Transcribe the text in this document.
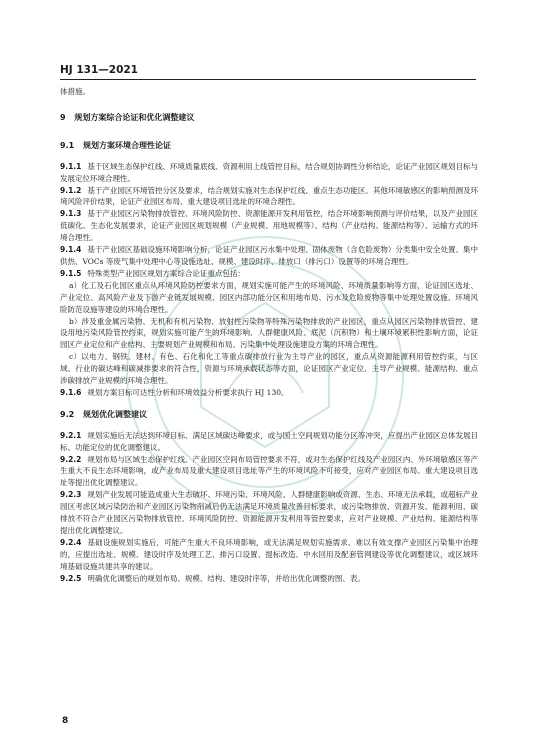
HJ 131—2021

体措施。

9 规划方案综合论证和优化调整建议
9.1 规划方案环境合理性论证

9.1.1 基于区域生态保护红线、环境质量底线、资源利用上线管控目标，结合规划协调性分析结论，论证产业园区规划目标与发展定位环境合理性。

9.1.2 基于产业园区环境管控分区及要求，结合规划实施对生态保护红线、重点生态功能区、其他环境敏感区的影响预测及环境风险评价结果，论证产业园区布局、重大建设项目选址的环境合理性。

9.1.3 基于产业园区污染物排放管控、环境风险防控、资源能源开发利用管控，结合环境影响预测与评价结果，以及产业园区低碳化、生态化发展要求，论证产业园区规划规模（产业规模、用地规模等）、结构（产业结构、能源结构等）、运输方式的环境合理性。

9.1.4 基于产业园区基础设施环境影响分析，论证产业园区污水集中处理、固体废物（含危险废物）分类集中安全处置、集中供热、VOCs 等废气集中处理中心等设施选址、规模、建设时序、排放口（排污口）设置等的环境合理性。

9.1.5 特殊类型产业园区规划方案综合论证重点包括：

a）化工及石化园区重点从环境风险防控要求方面，规划实施可能产生的环境风险、环境质量影响等方面，论证园区选址、产业定位、高风险产业及下游产业链发展规模、园区内部功能分区和用地布局、污水及危险废物等集中处理处置设施、环境风险防范设施等建设的环境合理性。

b）涉及重金属污染物、无机和有机污染物、放射性污染物等特殊污染物排放的产业园区，重点从园区污染物排放管控、建设用地污染风险管控约束，规划实施可能产生的环境影响、人群健康风险、底泥（沉积物）和土壤环境累积性影响方面，论证园区产业定位和产业结构、主要规划产业规模和布局、污染集中处理设施建设方案的环境合理性。

c）以电力、钢铁、建材、有色、石化和化工等重点碳排放行业为主导产业的园区，重点从资源能源利用管控约束，与区域、行业的碳达峰和碳减排要求的符合性，资源与环境承载状态等方面，论证园区产业定位、主导产业规模、能源结构、重点涉碳排放产业规模的环境合理性。

9.1.6 规划方案目标可达性分析和环境效益分析要求执行 HJ 130。

9.2 规划优化调整建议

9.2.1 规划实施后无法达到环境目标、满足区域碳达峰要求，或与国土空间规划功能分区等冲突，应提出产业园区总体发展目标、功能定位的优化调整建议。

9.2.2 规划布局与区域生态保护红线、产业园区空间布局管控要求不符，或对生态保护红线及产业园区内、外环境敏感区等产生重大不良生态环境影响，或产业布局及重大建设项目选址等产生的环境风险不可接受，应对产业园区布局、重大建设项目选址等提出优化调整建议。

9.2.3 规划产业发展可能造成重大生态破坏、环境污染、环境风险、人群健康影响或资源、生态、环境无法承载，或超标产业园区考虑区域污染防治和产业园区污染物削减后仍无法满足环境质量改善目标要求，或污染物排放、资源开发、能源利用、碳排放不符合产业园区污染物排放管控、环境风险防控、资源能源开发利用等管控要求，应对产业规模、产业结构、能源结构等提出优化调整建议。

9.2.4 基础设施规划实施后，可能产生重大不良环境影响，或无法满足规划实施需求、难以有效支撑产业园区污染集中治理的，应提出选址、规模、建设时序及处理工艺、排污口设置、提标改造、中水回用及配套管网建设等优化调整建议，或区域环境基础设施共建共享的建议。

9.2.5 明确优化调整后的规划布局、规模、结构、建设时序等，并给出优化调整的图、表。

8
